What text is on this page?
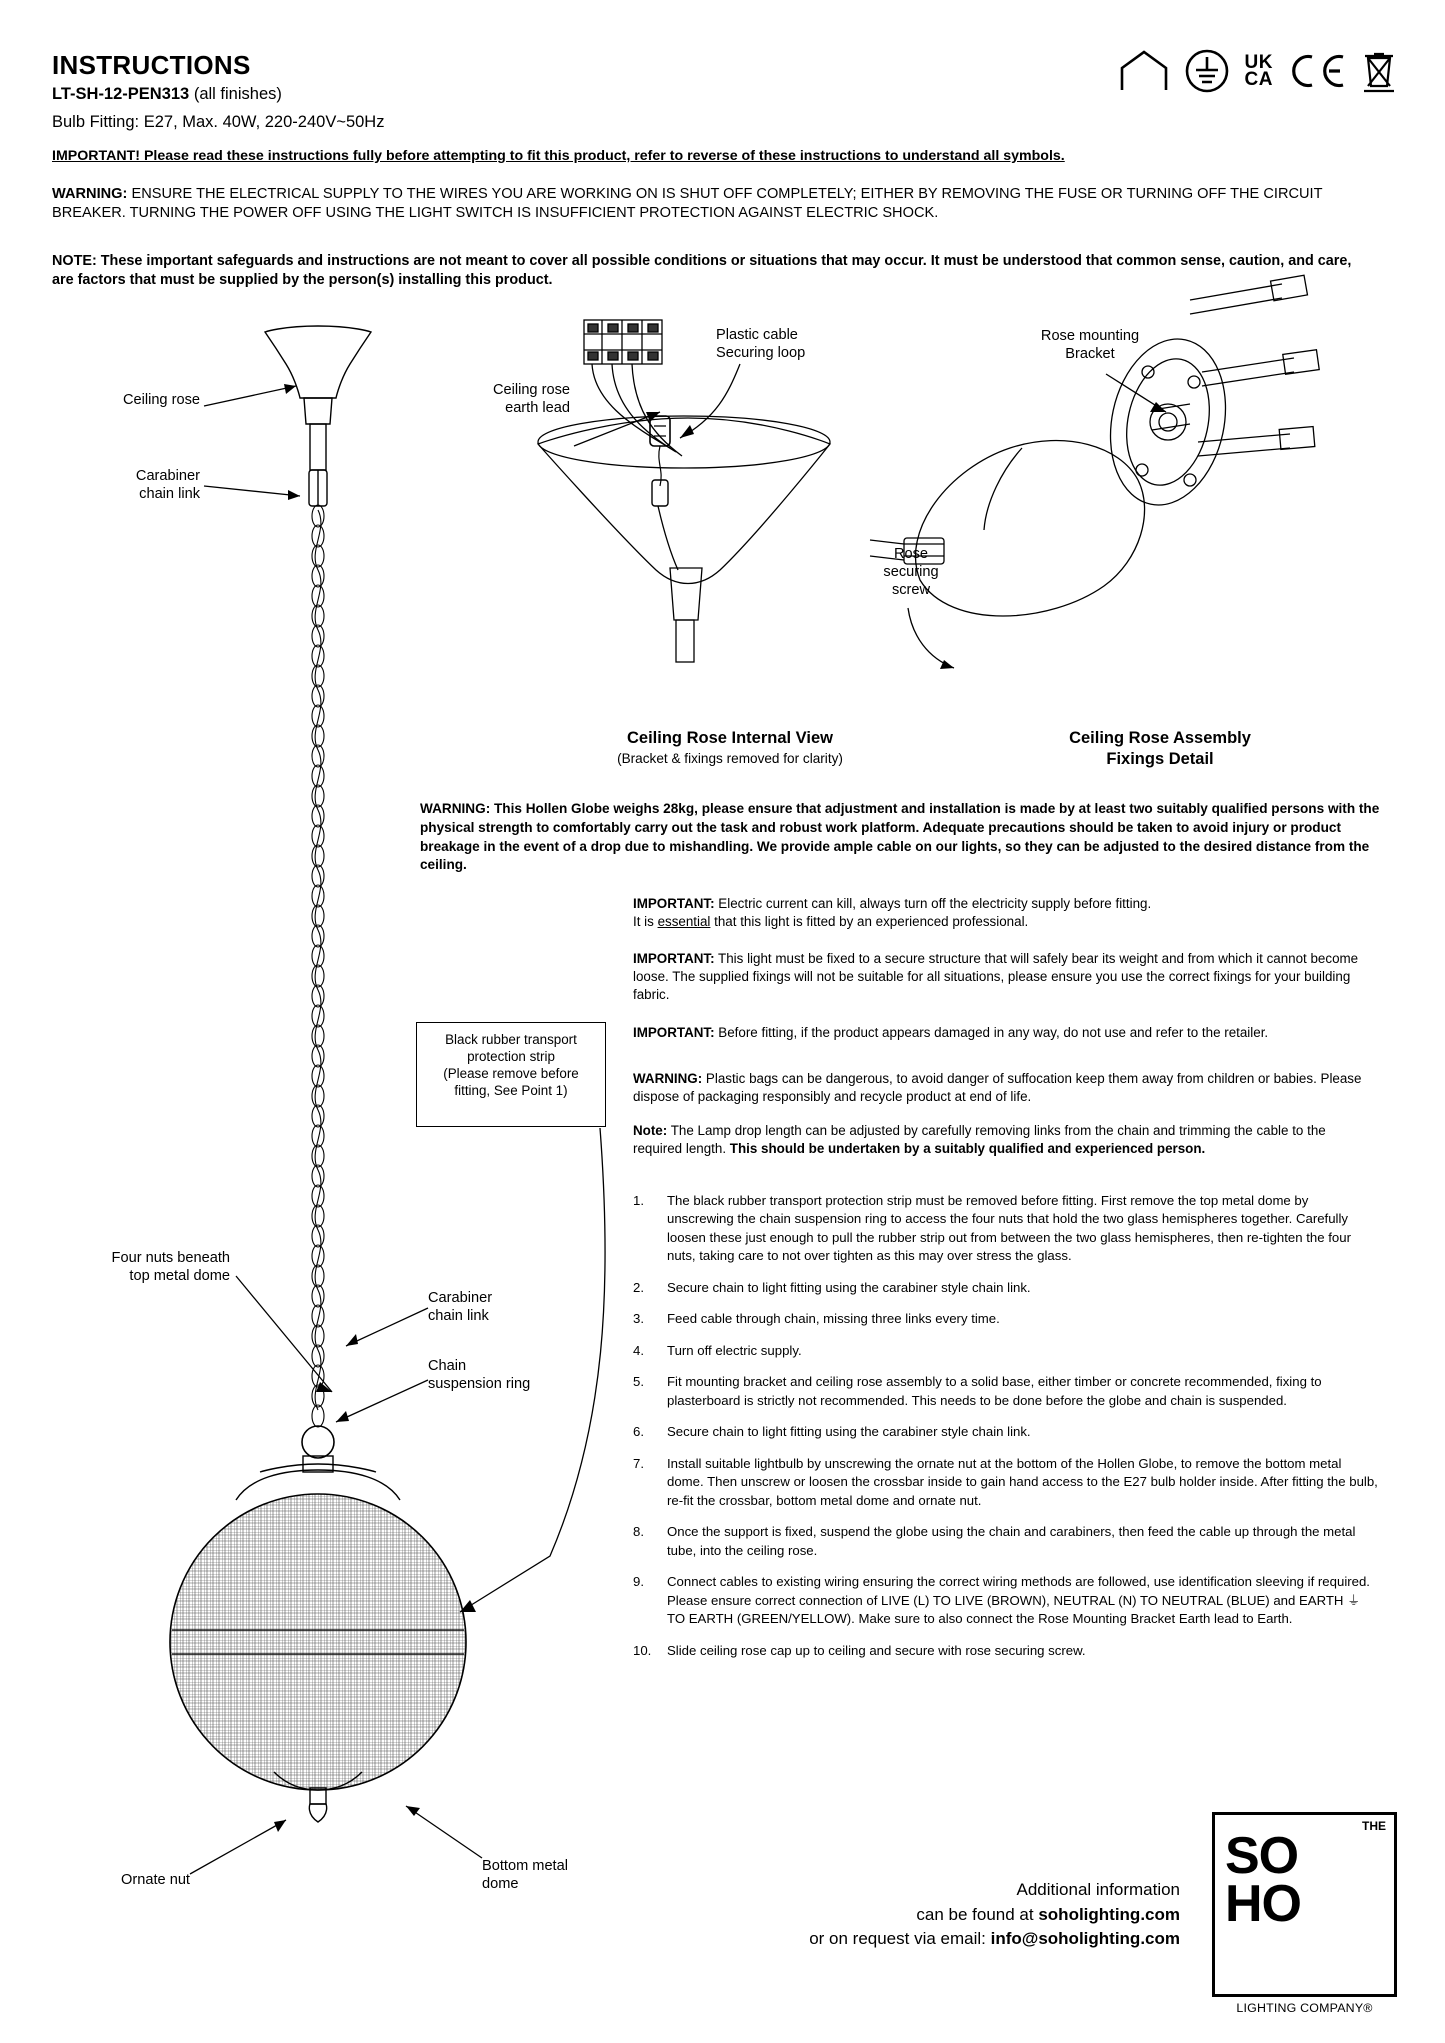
INSTRUCTIONS
LT-SH-12-PEN313 (all finishes)
Bulb Fitting: E27, Max. 40W, 220-240V~50Hz
IMPORTANT! Please read these instructions fully before attempting to fit this product, refer to reverse of these instructions to understand all symbols.
WARNING: ENSURE THE ELECTRICAL SUPPLY TO THE WIRES YOU ARE WORKING ON IS SHUT OFF COMPLETELY; EITHER BY REMOVING THE FUSE OR TURNING OFF THE CIRCUIT BREAKER. TURNING THE POWER OFF USING THE LIGHT SWITCH IS INSUFFICIENT PROTECTION AGAINST ELECTRIC SHOCK.
NOTE: These important safeguards and instructions are not meant to cover all possible conditions or situations that may occur. It must be understood that common sense, caution, and care, are factors that must be supplied by the person(s) installing this product.
UK
CA
Ceiling rose
Carabiner
chain link
Four nuts beneath
top metal dome
Carabiner
chain link
Chain
suspension ring
Ornate nut
Bottom metal
dome
Black rubber transport
protection strip
(Please remove before
fitting, See Point 1)
Plastic cable
Securing loop
Ceiling rose
earth lead
Ceiling Rose Internal View
(Bracket & fixings removed for clarity)
Rose mounting
Bracket
Rose
securing
screw
Ceiling Rose Assembly
Fixings Detail
WARNING: This Hollen Globe weighs 28kg, please ensure that adjustment and installation is made by at least two suitably qualified persons with the physical strength to comfortably carry out the task and robust work platform. Adequate precautions should be taken to avoid injury or product breakage in the event of a drop due to mishandling. We provide ample cable on our lights, so they can be adjusted to the desired distance from the ceiling.
IMPORTANT: Electric current can kill, always turn off the electricity supply before fitting.
It is essential that this light is fitted by an experienced professional.
IMPORTANT: This light must be fixed to a secure structure that will safely bear its weight and from which it cannot become loose. The supplied fixings will not be suitable for all situations, please ensure you use the correct fixings for your building fabric.
IMPORTANT: Before fitting, if the product appears damaged in any way, do not use and refer to the retailer.
WARNING: Plastic bags can be dangerous, to avoid danger of suffocation keep them away from children or babies. Please dispose of packaging responsibly and recycle product at end of life.
Note: The Lamp drop length can be adjusted by carefully removing links from the chain and trimming the cable to the required length. This should be undertaken by a suitably qualified and experienced person.
1.	The black rubber transport protection strip must be removed before fitting. First remove the top metal dome by unscrewing the chain suspension ring to access the four nuts that hold the two glass hemispheres together. Carefully loosen these just enough to pull the rubber strip out from between the two glass hemispheres, then re-tighten the four nuts, taking care to not over tighten as this may over stress the glass.
2.	Secure chain to light fitting using the carabiner style chain link.
3.	Feed cable through chain, missing three links every time.
4.	Turn off electric supply.
5.	Fit mounting bracket and ceiling rose assembly to a solid base, either timber or concrete recommended, fixing to plasterboard is strictly not recommended. This needs to be done before the globe and chain is suspended.
6.	Secure chain to light fitting using the carabiner style chain link.
7.	Install suitable lightbulb by unscrewing the ornate nut at the bottom of the Hollen Globe, to remove the bottom metal dome. Then unscrew or loosen the crossbar inside to gain hand access to the E27 bulb holder inside. After fitting the bulb, re-fit the crossbar, bottom metal dome and ornate nut.
8.	Once the support is fixed, suspend the globe using the chain and carabiners, then feed the cable up through the metal tube, into the ceiling rose.
9.	Connect cables to existing wiring ensuring the correct wiring methods are followed, use identification sleeving if required. Please ensure correct connection of LIVE (L) TO LIVE (BROWN), NEUTRAL (N) TO NEUTRAL (BLUE) and EARTH ⏚ TO EARTH (GREEN/YELLOW). Make sure to also connect the Rose Mounting Bracket Earth lead to Earth.
10.	Slide ceiling rose cap up to ceiling and secure with rose securing screw.
Additional information
can be found at soholighting.com
or on request via email: info@soholighting.com
THE
SO
HO
LIGHTING COMPANY®
